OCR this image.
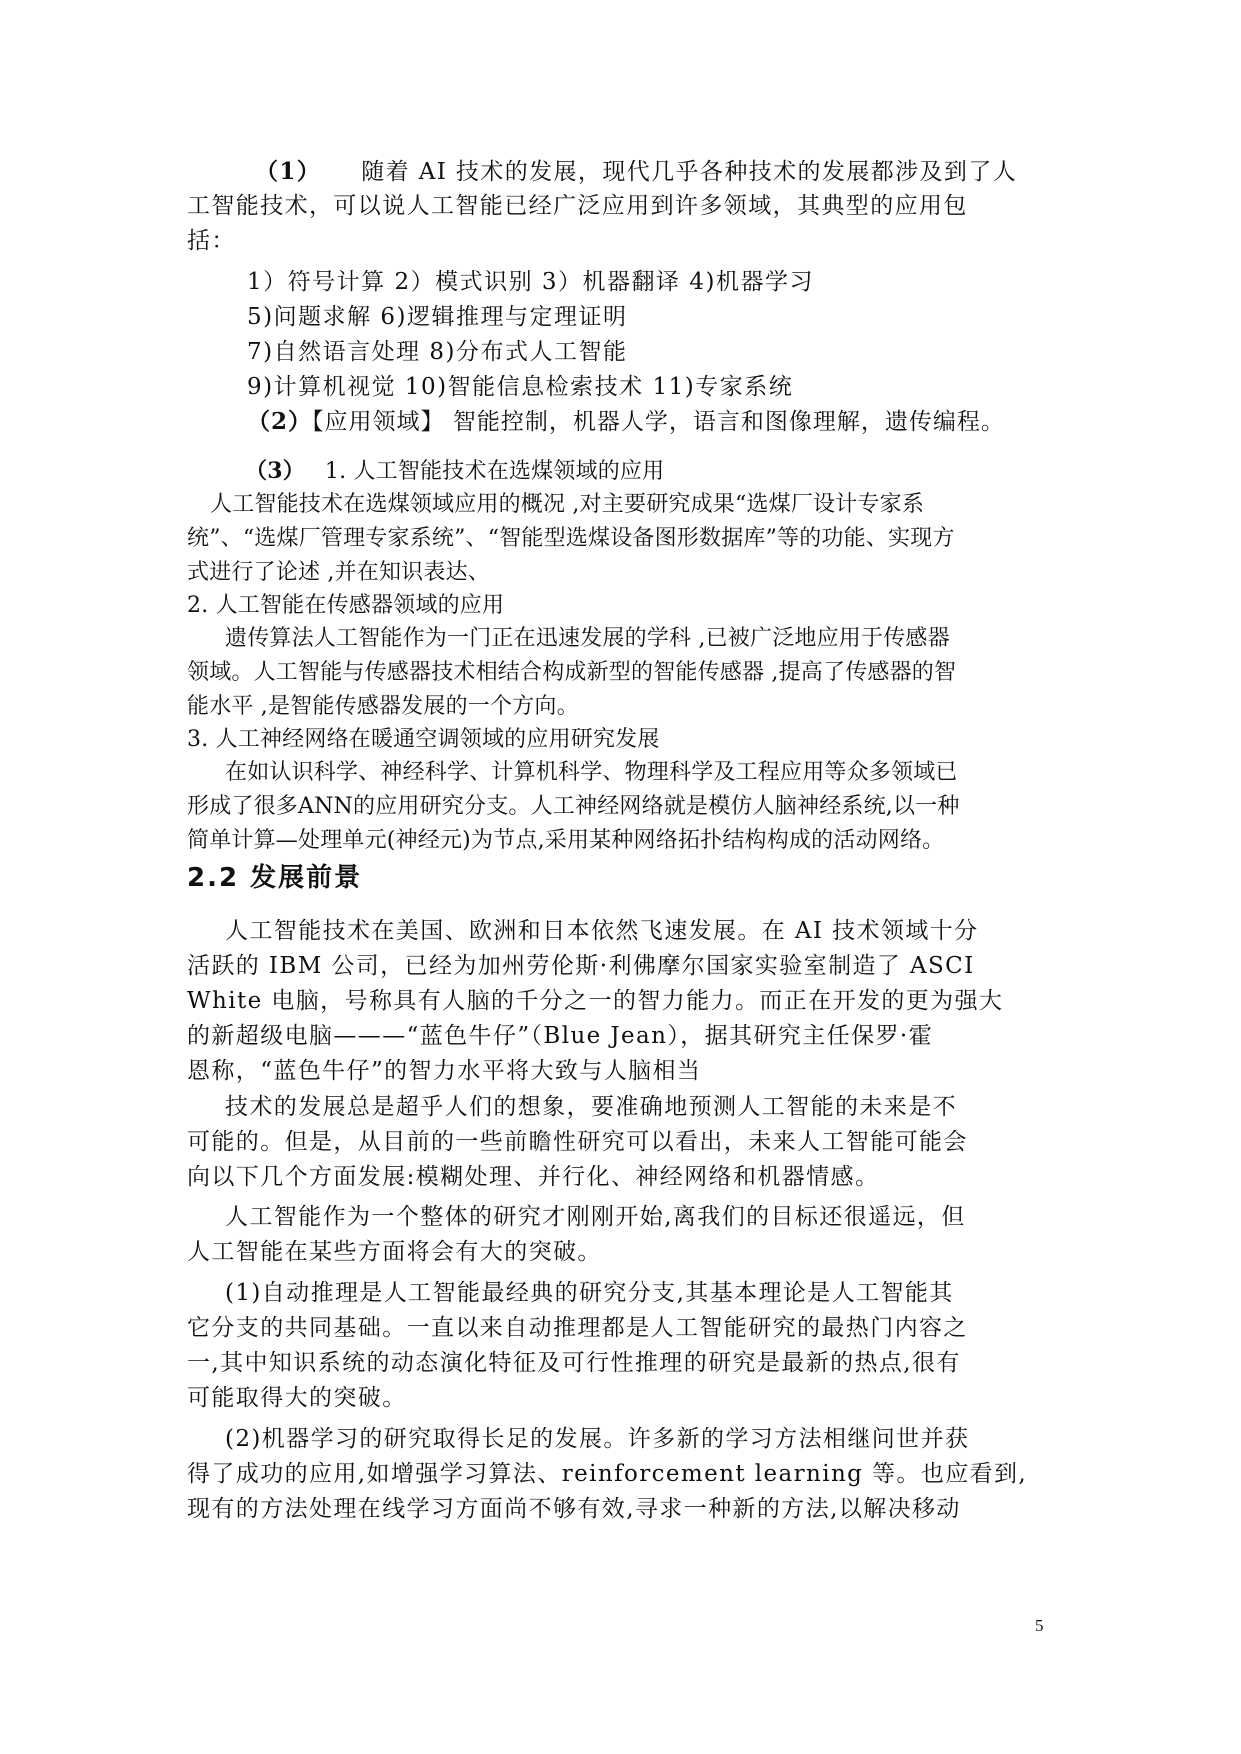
（1） 随着 AI 技术的发展，现代几乎各种技术的发展都涉及到了人
工智能技术，可以说人工智能已经广泛应用到许多领域，其典型的应用包
括：
1）符号计算 2）模式识别 3）机器翻译 4)机器学习
5)问题求解 6)逻辑推理与定理证明
7)自然语言处理 8)分布式人工智能
9)计算机视觉 10)智能信息检索技术 11)专家系统
（2）【应用领域】 智能控制，机器人学，语言和图像理解，遗传编程。
（3） 1. 人工智能技术在选煤领域的应用
人工智能技术在选煤领域应用的概况 ,对主要研究成果“选煤厂设计专家系
统”、“选煤厂管理专家系统”、“智能型选煤设备图形数据库”等的功能、实现方
式进行了论述 ,并在知识表达、
2. 人工智能在传感器领域的应用
遗传算法人工智能作为一门正在迅速发展的学科 ,已被广泛地应用于传感器
领域。人工智能与传感器技术相结合构成新型的智能传感器 ,提高了传感器的智
能水平 ,是智能传感器发展的一个方向。
3. 人工神经网络在暖通空调领域的应用研究发展
在如认识科学、神经科学、计算机科学、物理科学及工程应用等众多领域已
形成了很多ANN的应用研究分支。人工神经网络就是模仿人脑神经系统,以一种
简单计算—处理单元(神经元)为节点,采用某种网络拓扑结构构成的活动网络。
2.2 发展前景
人工智能技术在美国、欧洲和日本依然飞速发展。在 AI 技术领域十分
活跃的 IBM 公司，已经为加州劳伦斯·利佛摩尔国家实验室制造了 ASCI
White 电脑，号称具有人脑的千分之一的智力能力。而正在开发的更为强大
的新超级电脑———“蓝色牛仔”（Blue Jean），据其研究主任保罗·霍
恩称，“蓝色牛仔”的智力水平将大致与人脑相当
技术的发展总是超乎人们的想象，要准确地预测人工智能的未来是不
可能的。但是，从目前的一些前瞻性研究可以看出，未来人工智能可能会
向以下几个方面发展:模糊处理、并行化、神经网络和机器情感。
人工智能作为一个整体的研究才刚刚开始,离我们的目标还很遥远，但
人工智能在某些方面将会有大的突破。
(1)自动推理是人工智能最经典的研究分支,其基本理论是人工智能其
它分支的共同基础。一直以来自动推理都是人工智能研究的最热门内容之
一,其中知识系统的动态演化特征及可行性推理的研究是最新的热点,很有
可能取得大的突破。
(2)机器学习的研究取得长足的发展。许多新的学习方法相继问世并获
得了成功的应用,如增强学习算法、reinforcement learning 等。也应看到,
现有的方法处理在线学习方面尚不够有效,寻求一种新的方法,以解决移动
5
